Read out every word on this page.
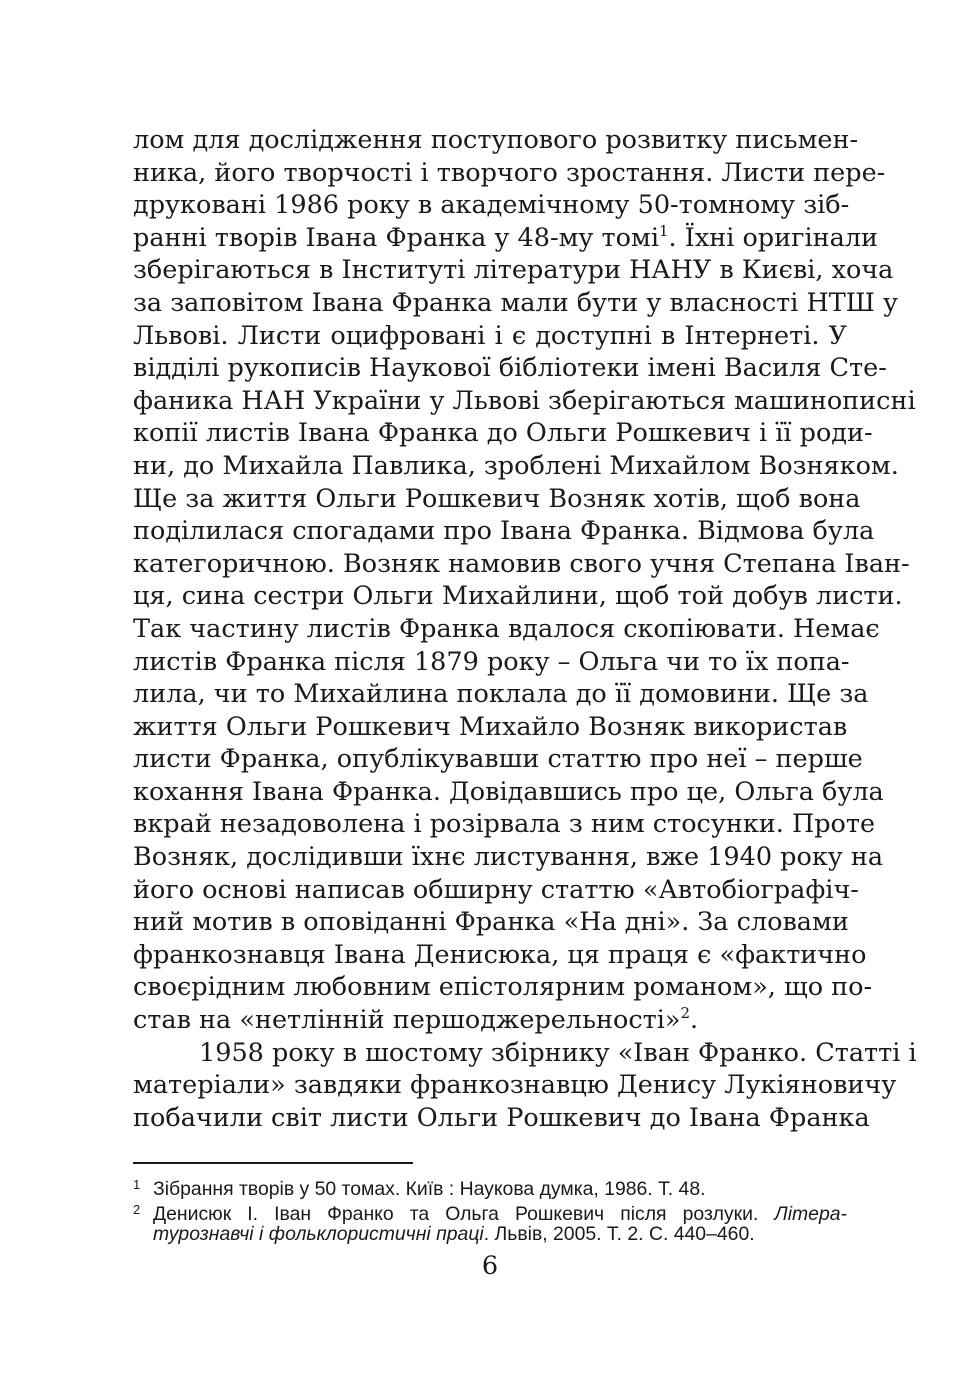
лом для дослідження поступового розвитку письмен-
ника, його творчості і творчого зростання. Листи пере-
друковані 1986 року в академічному 50-томному зіб-
ранні творів Івана Франка у 48-му томі$^1$. Їхні оригінали
зберігаються в Інституті літератури НАНУ в Києві, хоча
за заповітом Івана Франка мали бути у власності НТШ у
Львові. Листи оцифровані і є доступні в Інтернеті. У
відділі рукописів Наукової бібліотеки імені Василя Сте-
фаника НАН України у Львові зберігаються машинописні
копії листів Івана Франка до Ольги Рошкевич і її роди-
ни, до Михайла Павлика, зроблені Михайлом Возняком.
Ще за життя Ольги Рошкевич Возняк хотів, щоб вона
поділилася спогадами про Івана Франка. Відмова була
категоричною. Возняк намовив свого учня Степана Іван-
ця, сина сестри Ольги Михайлини, щоб той добув листи.
Так частину листів Франка вдалося скопіювати. Немає
листів Франка після 1879 року – Ольга чи то їх попа-
лила, чи то Михайлина поклала до її домовини. Ще за
життя Ольги Рошкевич Михайло Возняк використав
листи Франка, опублікувавши статтю про неї – перше
кохання Івана Франка. Довідавшись про це, Ольга була
вкрай незадоволена і розірвала з ним стосунки. Проте
Возняк, дослідивши їхнє листування, вже 1940 року на
його основі написав обширну статтю «Автобіографіч-
ний мотив в оповіданні Франка «На дні». За словами
франкознавця Івана Денисюка, ця праця є «фактично
своєрідним любовним епістолярним романом», що по-
став на «нетлінній першоджерельності»$^2$.
1958 року в шостому збірнику «Іван Франко. Статті і
матеріали» завдяки франкознавцю Денису Лукіяновичу
побачили світ листи Ольги Рошкевич до Івана Франка
1 Зібрання творів у 50 томах. Київ : Наукова думка, 1986. Т. 48.
2 Денисюк І. Іван Франко та Ольга Рошкевич після розлуки. Літера-
турознавчі і фольклористичні праці. Львів, 2005. Т. 2. С. 440–460.
6
